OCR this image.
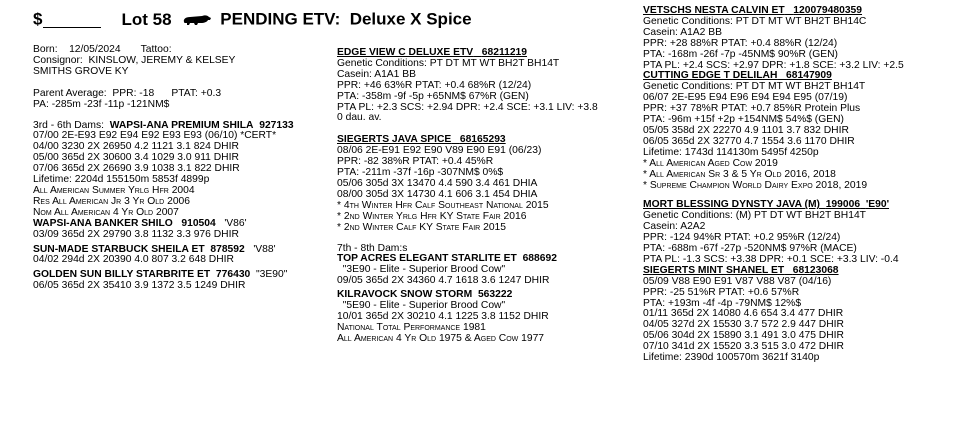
$	Lot 58	PENDING ETV: Deluxe X Spice
Born: 12/05/2024 Tattoo:
Consignor: KINSLOW, JEREMY & KELSEY
SMITHS GROVE KY
Parent Average: PPR: -18 PTAT: +0.3
PA: -285m -23f -11p -121NM$
3rd - 6th Dams: WAPSI-ANA PREMIUM SHILA 927133
07/00 2E-E93 E92 E94 E92 E93 E93 (06/10) *CERT*
04/00 3230 2X 26950 4.2 1121 3.1 824 DHIR
05/00 365d 2X 30600 3.4 1029 3.0 911 DHIR
07/06 365d 2X 26690 3.9 1038 3.1 822 DHIR
Lifetime: 2204d 155150m 5853f 4899p
All American Summer Yrlg Hfr 2004
Res All American Jr 3 Yr Old 2006
Nom All American 4 Yr Old 2007
WAPSI-ANA BANKER SHILO 910504 'V86'
03/09 365d 2X 29790 3.8 1132 3.3 976 DHIR
SUN-MADE STARBUCK SHEILA ET 878592 'V88'
04/02 294d 2X 20390 4.0 807 3.2 648 DHIR
GOLDEN SUN BILLY STARBRITE ET 776430 "3E90"
06/05 365d 2X 35410 3.9 1372 3.5 1249 DHIR
EDGE VIEW C DELUXE ETV 68211219
Genetic Conditions: PT DT MT WT BH2T BH14T
Casein: A1A1 BB
PPR: +46 63%R PTAT: +0.4 68%R (12/24)
PTA: -358m -9f -5p +65NM$ 67%R (GEN)
PTA PL: +2.3 SCS: +2.94 DPR: +2.4 SCE: +3.1 LIV: +3.8
0 dau. av.
SIEGERTS JAVA SPICE 68165293
08/06 2E-E91 E92 E90 V89 E90 E91 (06/23)
PPR: -82 38%R PTAT: +0.4 45%R
PTA: -211m -37f -16p -307NM$ 0%$
05/06 305d 3X 13470 4.4 590 3.4 461 DHIA
08/00 305d 3X 14730 4.1 606 3.1 454 DHIA
* 4th Winter Hfr Calf Southeast National 2015
* 2nd Winter Yrlg Hfr KY State Fair 2016
* 2nd Winter Calf KY State Fair 2015
7th - 8th Dam:s
TOP ACRES ELEGANT STARLITE ET 688692
"3E90 - Elite - Superior Brood Cow"
09/05 365d 2X 34360 4.7 1618 3.6 1247 DHIR
KILRAVOCK SNOW STORM 563222
"5E90 - Elite - Superior Brood Cow"
10/01 365d 2X 30210 4.1 1225 3.8 1152 DHIR
National Total Performance 1981
All American 4 Yr Old 1975 & Aged Cow 1977
VETSCHS NESTA CALVIN ET 120079480359
Genetic Conditions: PT DT MT WT BH2T BH14C
Casein: A1A2 BB
PPR: +28 88%R PTAT: +0.4 88%R (12/24)
PTA: -168m -26f -7p -45NM$ 90%R (GEN)
PTA PL: +2.4 SCS: +2.97 DPR: +1.8 SCE: +3.2 LIV: +2.5
CUTTING EDGE T DELILAH 68147909
Genetic Conditions: PT DT MT WT BH2T BH14T
06/07 2E-E95 E94 E96 E94 E94 E95 (07/19)
PPR: +37 78%R PTAT: +0.7 85%R Protein Plus
PTA: -96m +15f +2p +154NM$ 54%$ (GEN)
05/05 358d 2X 22270 4.9 1101 3.7 832 DHIR
06/05 365d 2X 32770 4.7 1554 3.6 1170 DHIR
Lifetime: 1743d 114130m 5495f 4250p
* All American Aged Cow 2019
* All American Sr 3 & 5 Yr Old 2016, 2018
* Supreme Champion World Dairy Expo 2018, 2019
MORT BLESSING DYNSTY JAVA (M) 199006 'E90'
Genetic Conditions: (M) PT DT WT BH2T BH14T
Casein: A2A2
PPR: -124 94%R PTAT: +0.2 95%R (12/24)
PTA: -688m -67f -27p -520NM$ 97%R (MACE)
PTA PL: -1.3 SCS: +3.38 DPR: +0.1 SCE: +3.3 LIV: -0.4
SIEGERTS MINT SHANEL ET 68123068
05/09 V88 E90 E91 V87 V88 V87 (04/16)
PPR: -25 51%R PTAT: +0.6 57%R
PTA: +193m -4f -4p -79NM$ 12%$
01/11 365d 2X 14080 4.6 654 3.4 477 DHIR
04/05 327d 2X 15530 3.7 572 2.9 447 DHIR
05/06 304d 2X 15890 3.1 491 3.0 475 DHIR
07/10 341d 2X 15520 3.3 515 3.0 472 DHIR
Lifetime: 2390d 100570m 3621f 3140p
